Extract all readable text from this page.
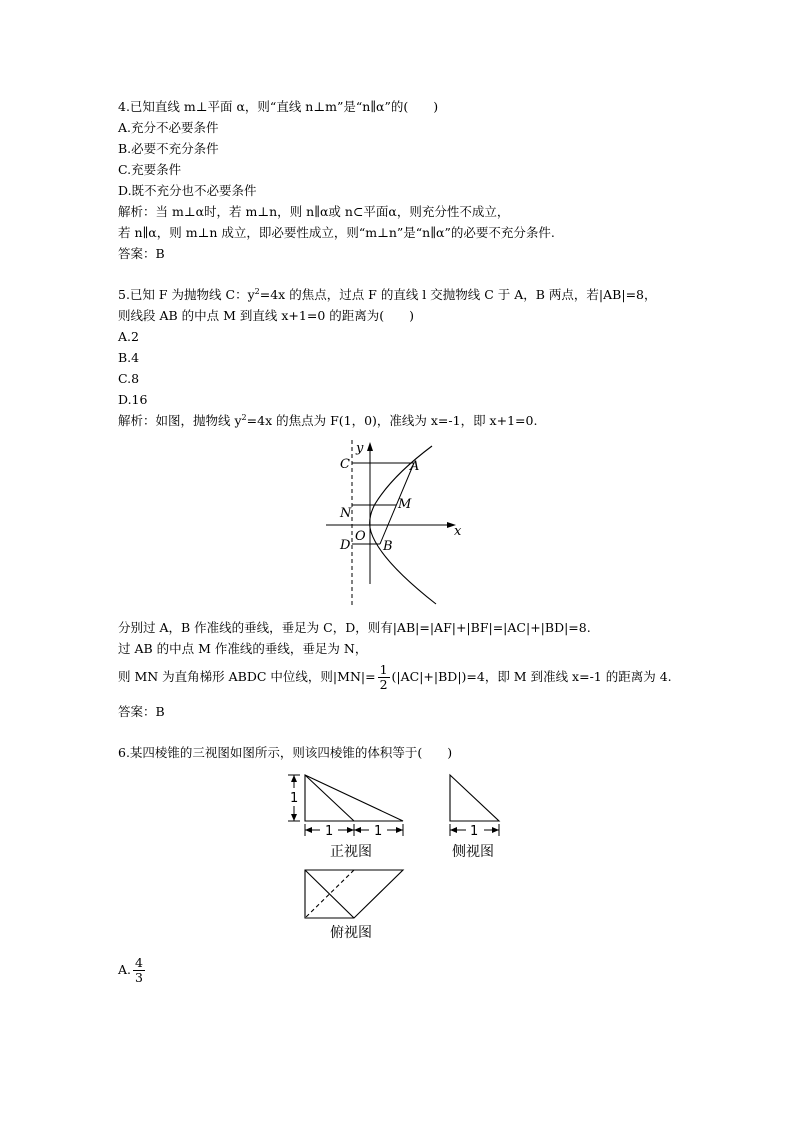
4.已知直线 m⊥平面 α，则“直线 n⊥m”是“n∥α”的(　　)
A.充分不必要条件
B.必要不充分条件
C.充要条件
D.既不充分也不必要条件
解析：当 m⊥α时，若 m⊥n，则 n∥α或 n⊂平面α，则充分性不成立，
若 n∥α，则 m⊥n 成立，即必要性成立，则“m⊥n”是“n∥α”的必要不充分条件.
答案：B
5.已知 F 为抛物线 C：$y^2=4x$ 的焦点，过点 F 的直线 l 交抛物线 C 于 A，B 两点，若|AB|=8，
则线段 AB 的中点 M 到直线 x+1=0 的距离为(　　)
A.2
B.4
C.8
D.16
解析：如图，抛物线 $y^2=4x$ 的焦点为 F(1，0)，准线为 x=-1，即 x+1=0.
y
x
C	A
M
N
O
D	B
分别过 A，B 作准线的垂线，垂足为 C，D，则有|AB|=|AF|+|BF|=|AC|+|BD|=8.
过 AB 的中点 M 作准线的垂线，垂足为 N，
则 MN 为直角梯形 ABDC 中位线，则$|MN|= \frac{1}{2} (|AC|+|BD|)=4$，即 M 到准线 x=-1 的距离为 4.
答案：B
6.某四棱锥的三视图如图所示，则该四棱锥的体积等于(　　)
1
1	1
正视图
1
侧视图
俯视图
A. $\frac{4}{3}$
